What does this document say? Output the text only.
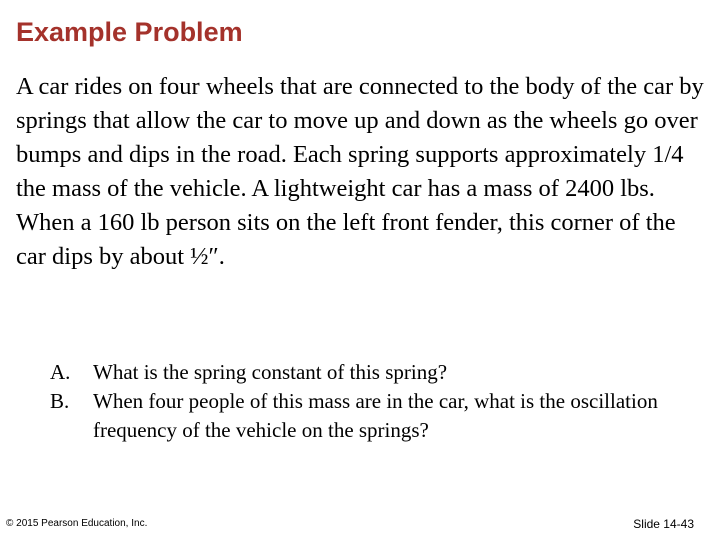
Example Problem

A car rides on four wheels that are connected to the body of the car by springs that allow the car to move up and down as the wheels go over bumps and dips in the road. Each spring supports approximately 1/4 the mass of the vehicle. A lightweight car has a mass of 2400 lbs. When a 160 lb person sits on the left front fender, this corner of the car dips by about ½″.

A.	What is the spring constant of this spring?
B.	When four people of this mass are in the car, what is the oscillation frequency of the vehicle on the springs?
© 2015 Pearson Education, Inc.	Slide 14-43
